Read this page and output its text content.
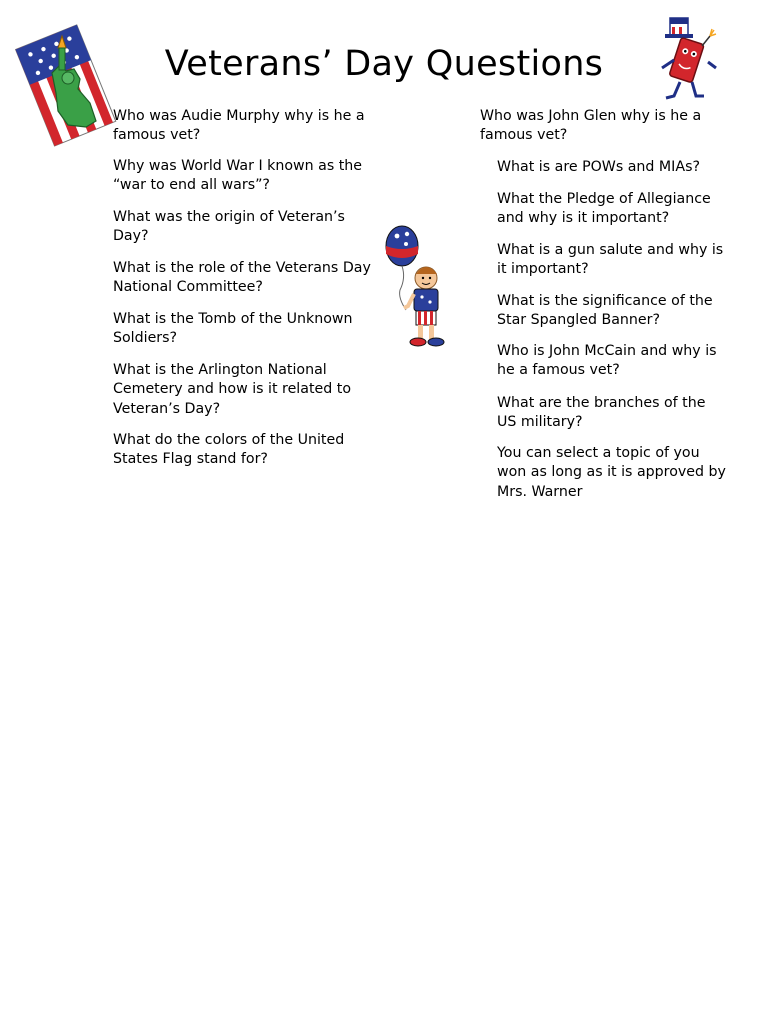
Veterans’ Day Questions

Who was Audie Murphy why is he a famous vet?

Why was World War I known as the “war to end all wars”?

What was the origin of Veteran’s Day?

What is the role of the Veterans Day National Committee?

What is the Tomb of the Unknown Soldiers?

What is the Arlington National Cemetery and how is it related to Veteran’s Day?

What do the colors of the United States Flag stand for?

Who was John Glen why is he a famous vet?

What is are POWs and MIAs?

What the Pledge of Allegiance and why is it important?

What is a gun salute and why is it important?

What is the significance of the Star Spangled Banner?

Who is John McCain and why is he a famous vet?

What are the branches of the US military?

You can select a topic of you won as long as it is approved by Mrs. Warner
